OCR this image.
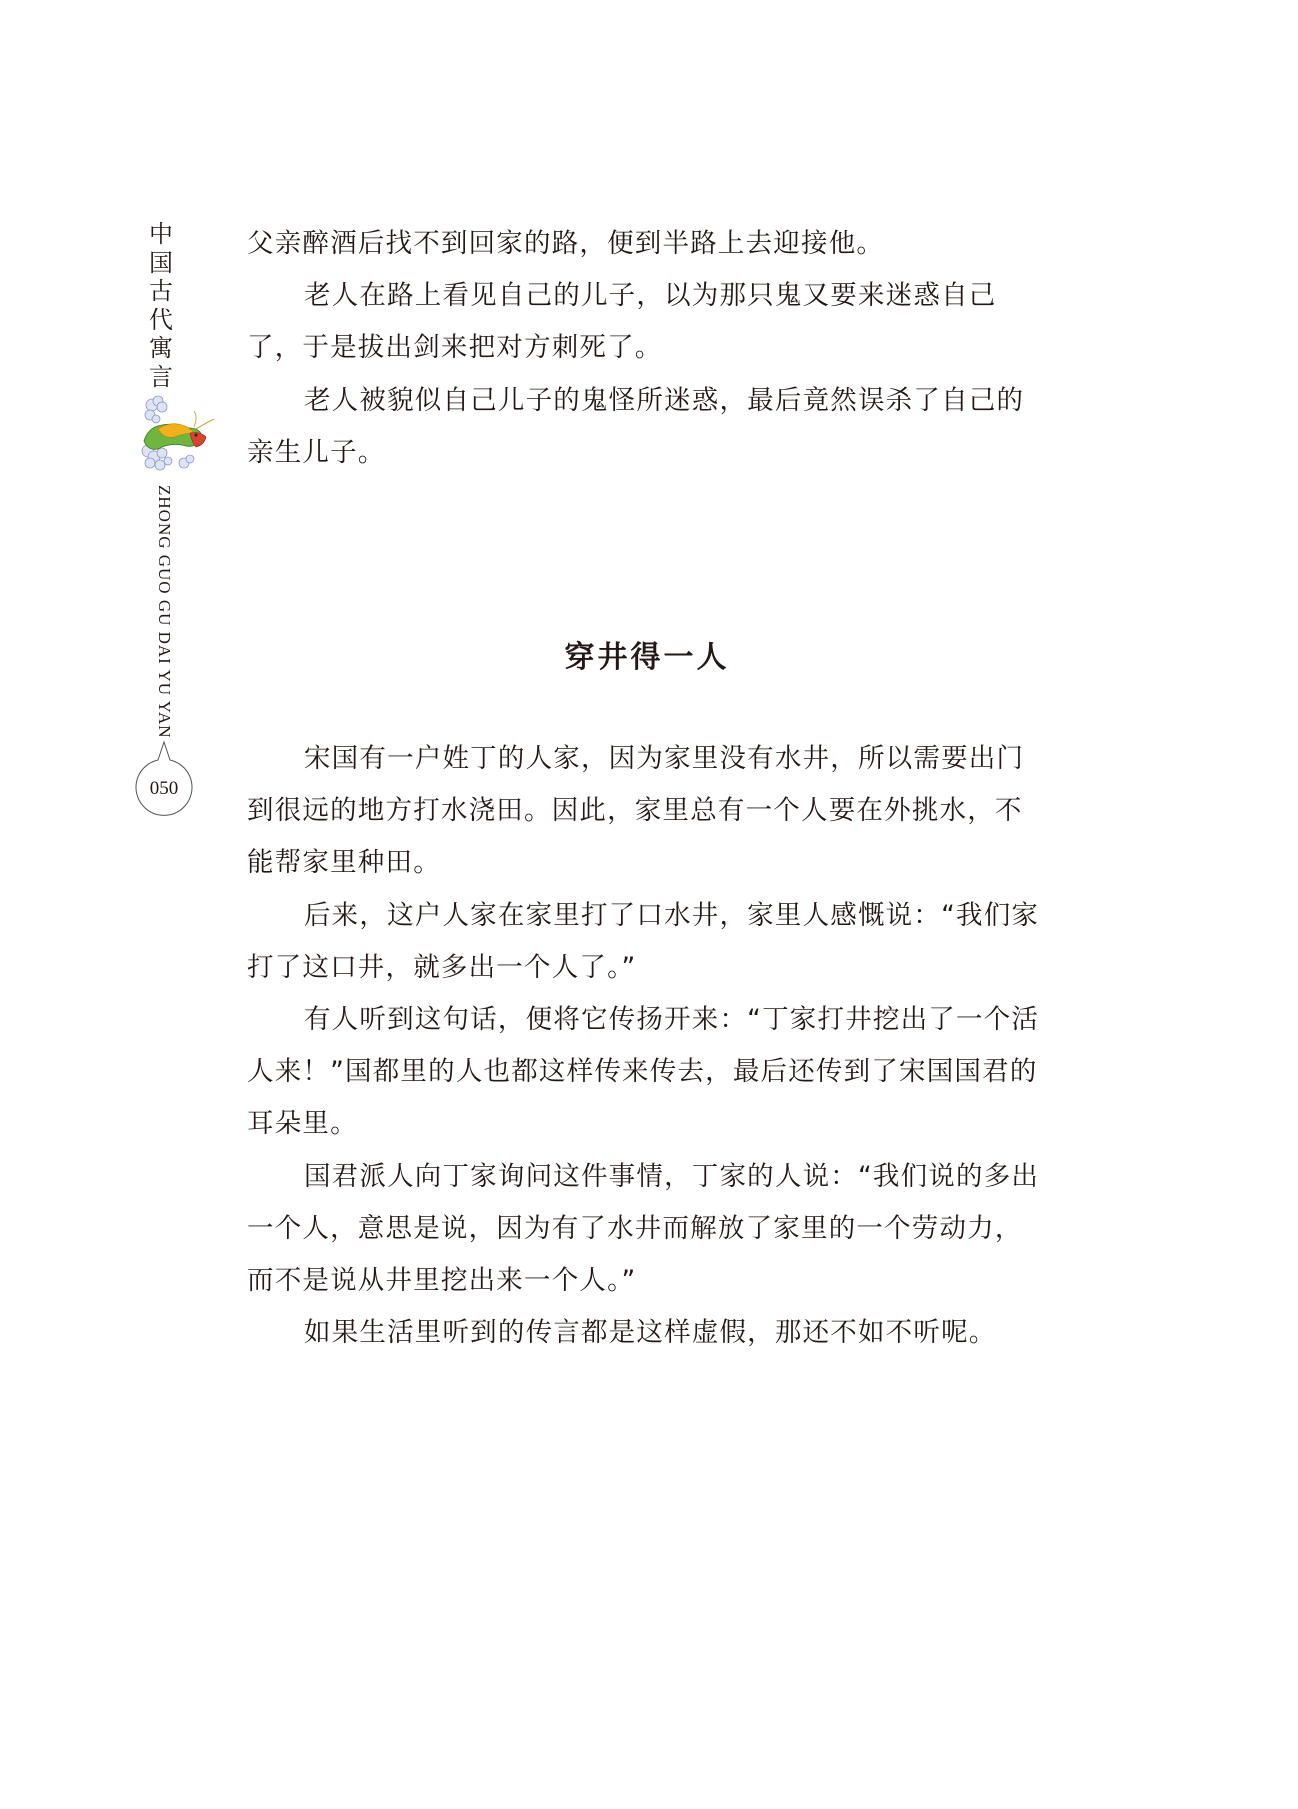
中
国
古
代
寓
言
ZHONG GUO GU DAI YU YAN
050

父亲醉酒后找不到回家的路，便到半路上去迎接他。

老人在路上看见自己的儿子，以为那只鬼又要来迷惑自己了，于是拔出剑来把对方刺死了。

老人被貌似自己儿子的鬼怪所迷惑，最后竟然误杀了自己的亲生儿子。

穿井得一人

宋国有一户姓丁的人家，因为家里没有水井，所以需要出门到很远的地方打水浇田。因此，家里总有一个人要在外挑水，不能帮家里种田。

后来，这户人家在家里打了口水井，家里人感慨说：“我们家打了这口井，就多出一个人了。”

有人听到这句话，便将它传扬开来：“丁家打井挖出了一个活人来！”国都里的人也都这样传来传去，最后还传到了宋国国君的耳朵里。

国君派人向丁家询问这件事情，丁家的人说：“我们说的多出一个人，意思是说，因为有了水井而解放了家里的一个劳动力，而不是说从井里挖出来一个人。”

如果生活里听到的传言都是这样虚假，那还不如不听呢。
